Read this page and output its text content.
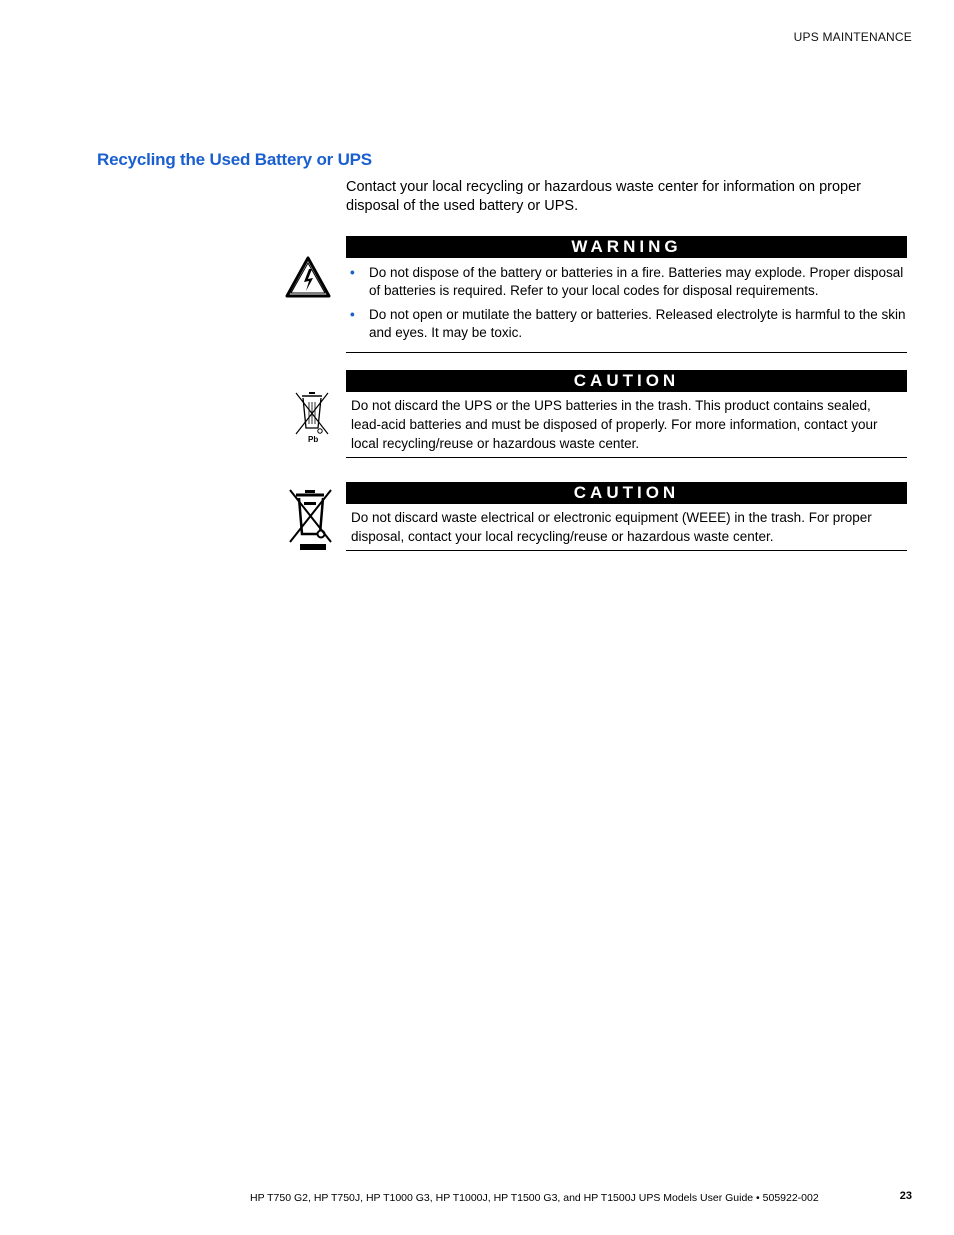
UPS MAINTENANCE
Recycling the Used Battery or UPS

Contact your local recycling or hazardous waste center for information on proper disposal of the used battery or UPS.

WARNING
• Do not dispose of the battery or batteries in a fire. Batteries may explode. Proper disposal of batteries is required. Refer to your local codes for disposal requirements.
• Do not open or mutilate the battery or batteries. Released electrolyte is harmful to the skin and eyes. It may be toxic.
Pb
CAUTION

Do not discard the UPS or the UPS batteries in the trash. This product contains sealed, lead-acid batteries and must be disposed of properly. For more information, contact your local recycling/reuse or hazardous waste center.

CAUTION

Do not discard waste electrical or electronic equipment (WEEE) in the trash. For proper disposal, contact your local recycling/reuse or hazardous waste center.

HP T750 G2, HP T750J, HP T1000 G3, HP T1000J, HP T1500 G3, and HP T1500J UPS Models User Guide • 505922-002	23
